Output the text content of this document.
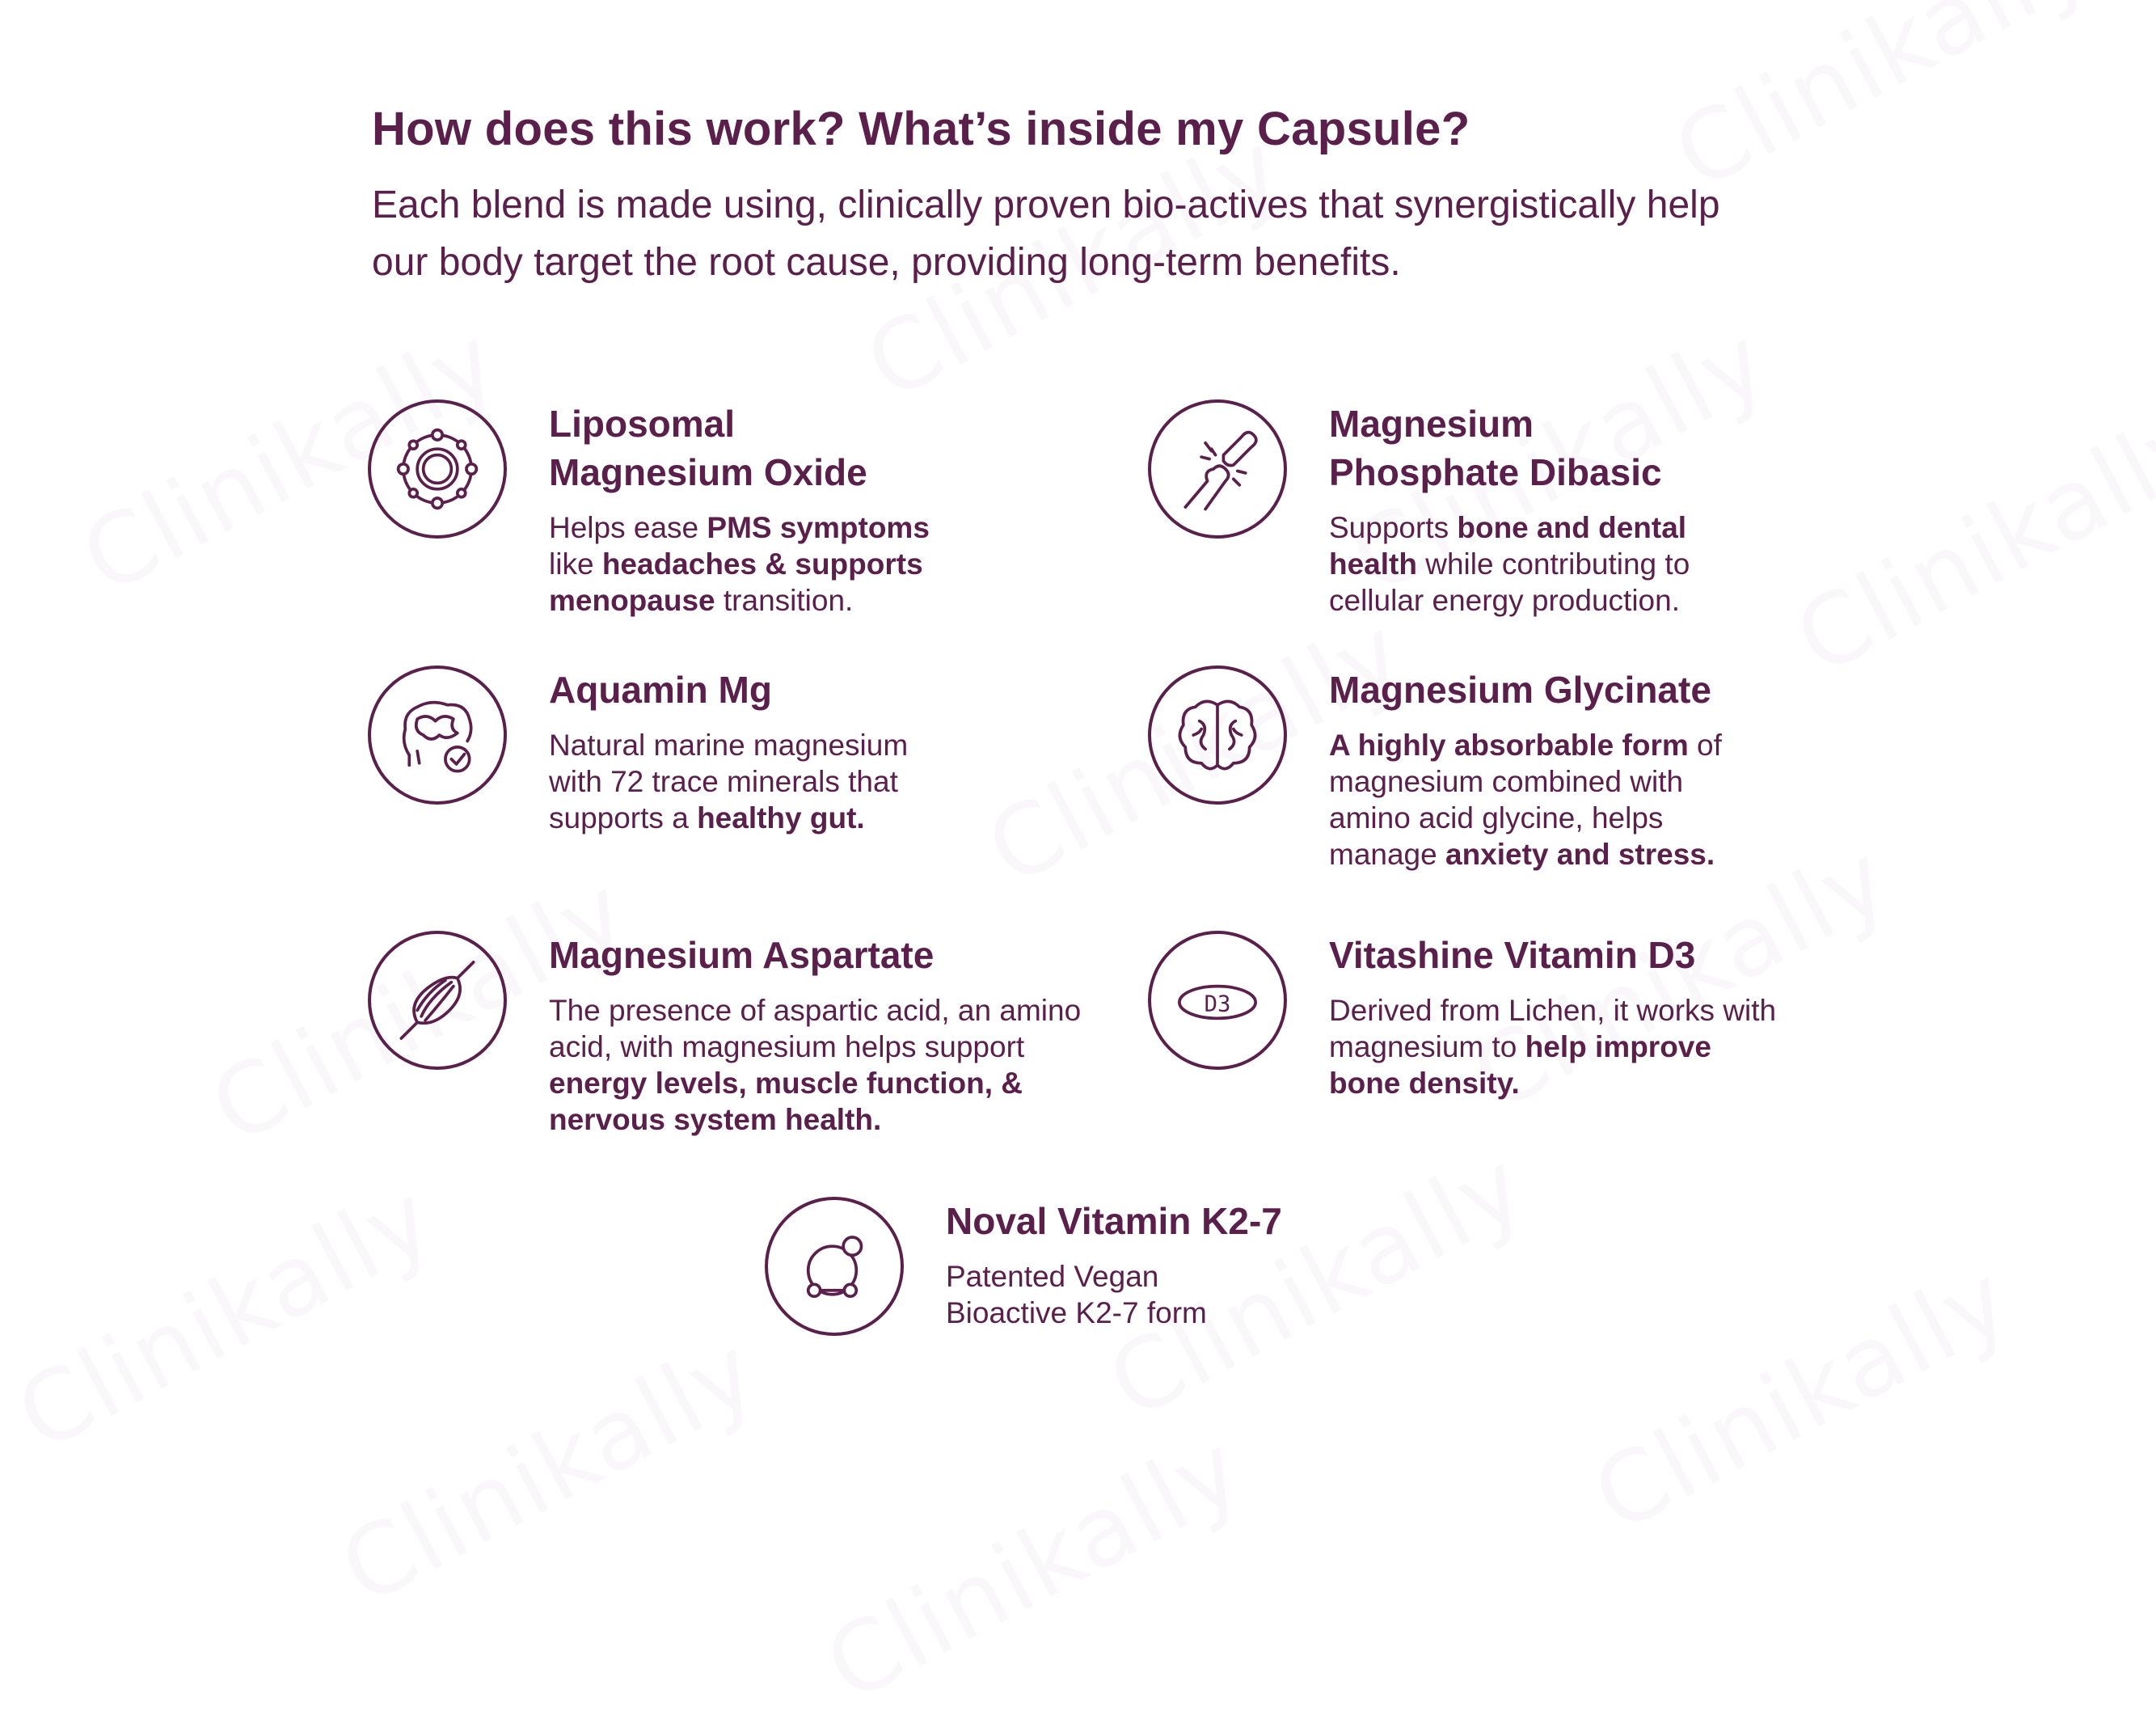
How does this work? What’s inside my Capsule?

Each blend is made using, clinically proven bio-actives that synergistically help our body target the root cause, providing long-term benefits.

Liposomal Magnesium Oxide

Helps ease PMS symptoms like headaches & supports menopause transition.

Magnesium Phosphate Dibasic

Supports bone and dental health while contributing to cellular energy production.

Aquamin Mg

Natural marine magnesium with 72 trace minerals that supports a healthy gut.

Magnesium Glycinate

A highly absorbable form of magnesium combined with amino acid glycine, helps manage anxiety and stress.

Magnesium Aspartate

The presence of aspartic acid, an amino acid, with magnesium helps support energy levels, muscle function, & nervous system health.

D3
Vitashine Vitamin D3

Derived from Lichen, it works with magnesium to help improve bone density.

Noval Vitamin K2-7

Patented Vegan Bioactive K2-7 form
